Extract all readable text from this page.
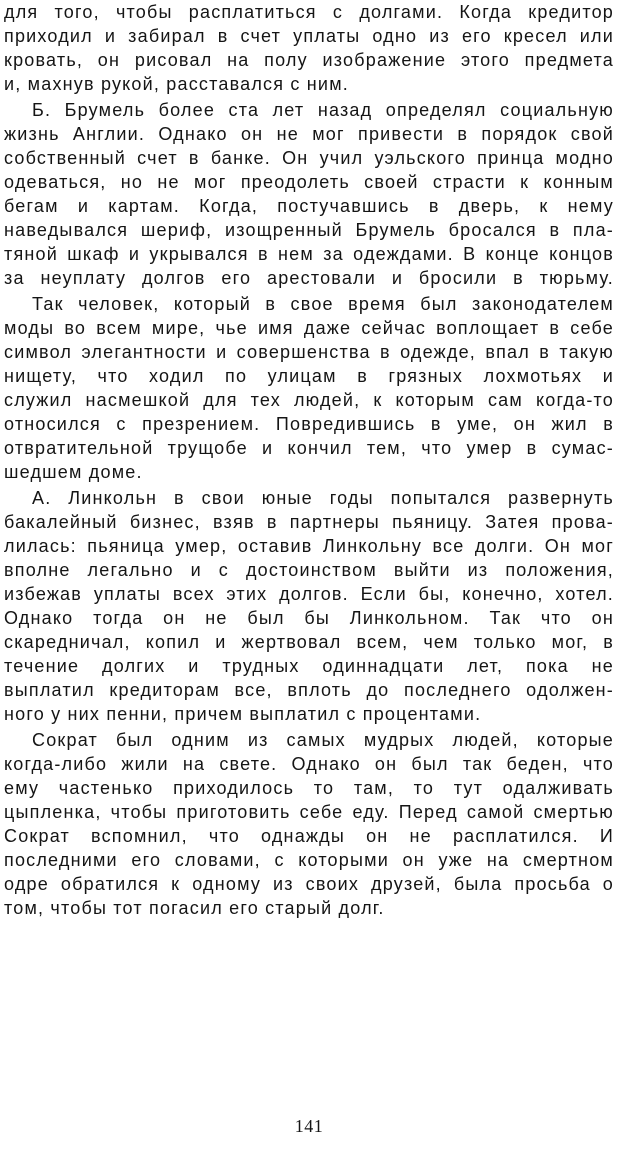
для того, чтобы расплатиться с долгами. Когда кредитор
приходил и забирал в счет уплаты одно из его кресел или
кровать, он рисовал на полу изображение этого предмета
и, махнув рукой, расставался с ним.
Б. Брумель более ста лет назад определял социальную
жизнь Англии. Однако он не мог привести в порядок свой
собственный счет в банке. Он учил уэльского принца модно
одеваться, но не мог преодолеть своей страсти к конным
бегам и картам. Когда, постучавшись в дверь, к нему
наведывался шериф, изощренный Брумель бросался в пла-
тяной шкаф и укрывался в нем за одеждами. В конце концов
за неуплату долгов его арестовали и бросили в тюрьму.
Так человек, который в свое время был законодателем
моды во всем мире, чье имя даже сейчас воплощает в себе
символ элегантности и совершенства в одежде, впал в такую
нищету, что ходил по улицам в грязных лохмотьях и
служил насмешкой для тех людей, к которым сам когда-то
относился с презрением. Повредившись в уме, он жил в
отвратительной трущобе и кончил тем, что умер в сумас-
шедшем доме.
А. Линкольн в свои юные годы попытался развернуть
бакалейный бизнес, взяв в партнеры пьяницу. Затея прова-
лилась: пьяница умер, оставив Линкольну все долги. Он мог
вполне легально и с достоинством выйти из положения,
избежав уплаты всех этих долгов. Если бы, конечно, хотел.
Однако тогда он не был бы Линкольном. Так что он
скаредничал, копил и жертвовал всем, чем только мог, в
течение долгих и трудных одиннадцати лет, пока не
выплатил кредиторам все, вплоть до последнего одолжен-
ного у них пенни, причем выплатил с процентами.
Сократ был одним из самых мудрых людей, которые
когда-либо жили на свете. Однако он был так беден, что
ему частенько приходилось то там, то тут одалживать
цыпленка, чтобы приготовить себе еду. Перед самой смертью
Сократ вспомнил, что однажды он не расплатился. И
последними его словами, с которыми он уже на смертном
одре обратился к одному из своих друзей, была просьба о
том, чтобы тот погасил его старый долг.
141
